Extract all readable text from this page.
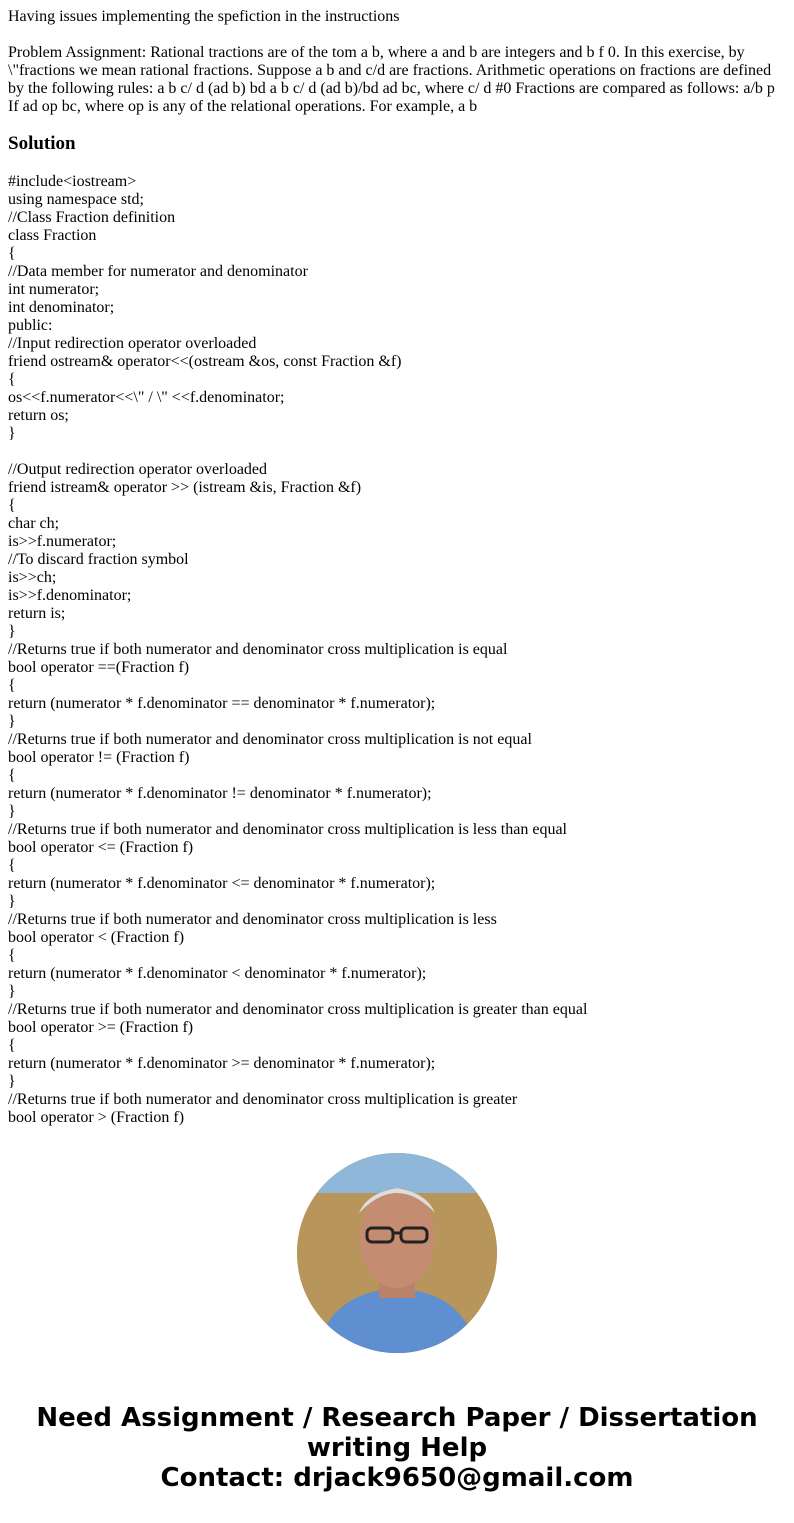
Having issues implementing the spefiction in the instructions

Problem Assignment: Rational tractions are of the tom a b, where a and b are integers and b f 0. In this exercise, by \"fractions we mean rational fractions. Suppose a b and c/d are fractions. Arithmetic operations on fractions are defined by the following rules: a b c/ d (ad b) bd a b c/ d (ad b)/bd ad bc, where c/ d #0 Fractions are compared as follows: a/b p If ad op bc, where op is any of the relational operations. For example, a b

Solution
#include<iostream>
using namespace std;
//Class Fraction definition
class Fraction
{
//Data member for numerator and denominator
int numerator;
int denominator;
public:
//Input redirection operator overloaded
friend ostream& operator<<(ostream &os, const Fraction &f)
{
os<<f.numerator<<\" / \" <<f.denominator;
return os;
}
//Output redirection operator overloaded
friend istream& operator >> (istream &is, Fraction &f)
{
char ch;
is>>f.numerator;
//To discard fraction symbol
is>>ch;
is>>f.denominator;
return is;
}
//Returns true if both numerator and denominator cross multiplication is equal
bool operator ==(Fraction f)
{
return (numerator * f.denominator == denominator * f.numerator);
}
//Returns true if both numerator and denominator cross multiplication is not equal
bool operator != (Fraction f)
{
return (numerator * f.denominator != denominator * f.numerator);
}
//Returns true if both numerator and denominator cross multiplication is less than equal
bool operator <= (Fraction f)
{
return (numerator * f.denominator <= denominator * f.numerator);
}
//Returns true if both numerator and denominator cross multiplication is less
bool operator < (Fraction f)
{
return (numerator * f.denominator < denominator * f.numerator);
}
//Returns true if both numerator and denominator cross multiplication is greater than equal
bool operator >= (Fraction f)
{
return (numerator * f.denominator >= denominator * f.numerator);
}
//Returns true if both numerator and denominator cross multiplication is greater
bool operator > (Fraction f)
Need Assignment / Research Paper / Dissertation
writing Help
Contact: drjack9650@gmail.com
